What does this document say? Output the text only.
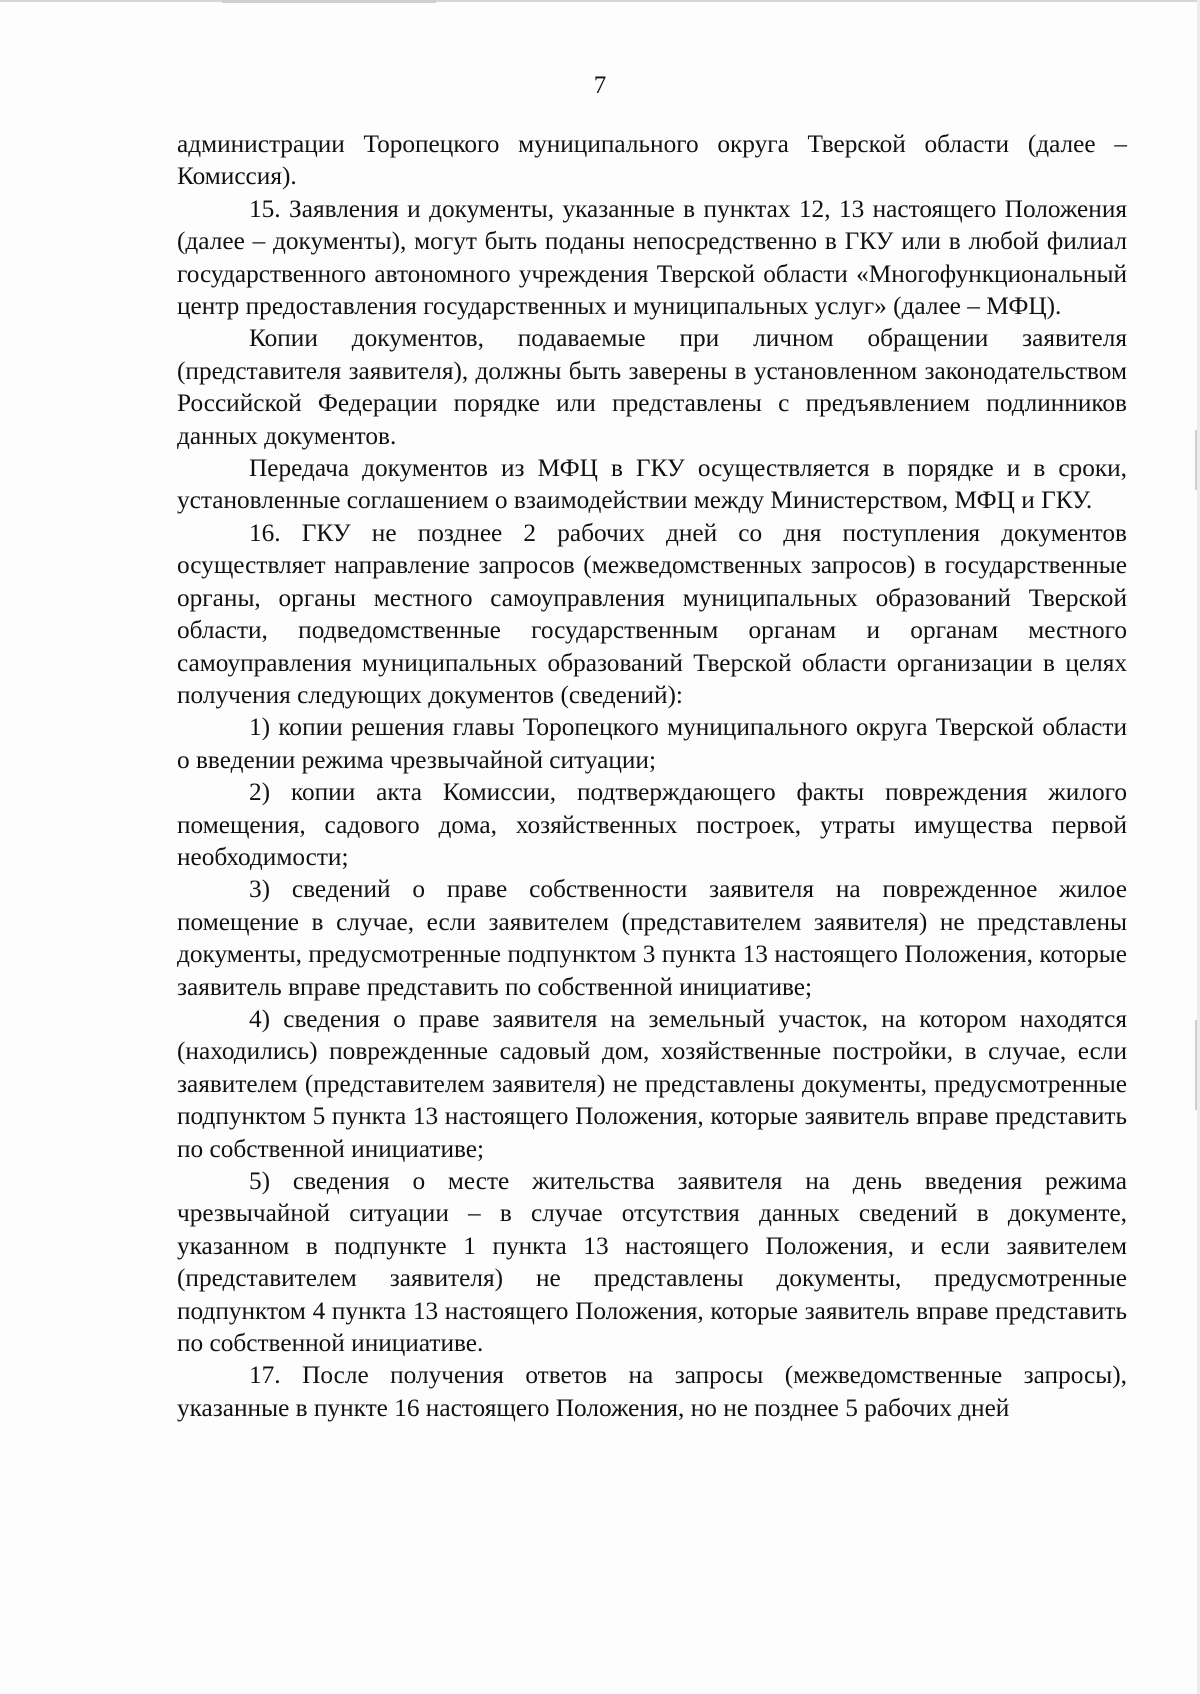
7

администрации Торопецкого муниципального округа Тверской области (далее – Комиссия).

15. Заявления и документы, указанные в пунктах 12, 13 настоящего Положения (далее – документы), могут быть поданы непосредственно в ГКУ или в любой филиал государственного автономного учреждения Тверской области «Многофункциональный центр предоставления государственных и муниципальных услуг» (далее – МФЦ).

Копии документов, подаваемые при личном обращении заявителя (представителя заявителя), должны быть заверены в установленном законодательством Российской Федерации порядке или представлены с предъявлением подлинников данных документов.

Передача документов из МФЦ в ГКУ осуществляется в порядке и в сроки, установленные соглашением о взаимодействии между Министерством, МФЦ и ГКУ.

16. ГКУ не позднее 2 рабочих дней со дня поступления документов осуществляет направление запросов (межведомственных запросов) в государственные органы, органы местного самоуправления муниципальных образований Тверской области, подведомственные государственным органам и органам местного самоуправления муниципальных образований Тверской области организации в целях получения следующих документов (сведений):

1) копии решения главы Торопецкого муниципального округа Тверской области о введении режима чрезвычайной ситуации;

2) копии акта Комиссии, подтверждающего факты повреждения жилого помещения, садового дома, хозяйственных построек, утраты имущества первой необходимости;

3) сведений о праве собственности заявителя на поврежденное жилое помещение в случае, если заявителем (представителем заявителя) не представлены документы, предусмотренные подпунктом 3 пункта 13 настоящего Положения, которые заявитель вправе представить по собственной инициативе;

4) сведения о праве заявителя на земельный участок, на котором находятся (находились) поврежденные садовый дом, хозяйственные постройки, в случае, если заявителем (представителем заявителя) не представлены документы, предусмотренные подпунктом 5 пункта 13 настоящего Положения, которые заявитель вправе представить по собственной инициативе;

5) сведения о месте жительства заявителя на день введения режима чрезвычайной ситуации – в случае отсутствия данных сведений в документе, указанном в подпункте 1 пункта 13 настоящего Положения, и если заявителем (представителем заявителя) не представлены документы, предусмотренные подпунктом 4 пункта 13 настоящего Положения, которые заявитель вправе представить по собственной инициативе.

17. После получения ответов на запросы (межведомственные запросы), указанные в пункте 16 настоящего Положения, но не позднее 5 рабочих дней
